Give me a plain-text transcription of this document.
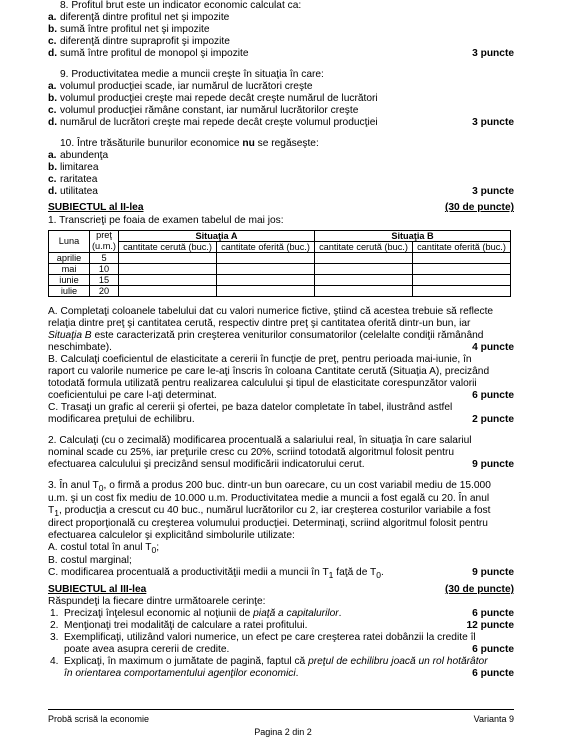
8. Profitul brut este un indicator economic calculat ca:
a. diferenţă dintre profitul net şi impozite
b. sumă între profitul net şi impozite
c. diferenţă dintre supraprofit şi impozite
d. sumă între profitul de monopol şi impozite	3 puncte
9. Productivitatea medie a muncii creşte în situaţia în care:
a. volumul producţiei scade, iar numărul de lucrători creşte
b. volumul producţiei creşte mai repede decât creşte numărul de lucrători
c. volumul producţiei rămâne constant, iar numărul lucrătorilor creşte
d. numărul de lucrători creşte mai repede decât creşte volumul producţiei	3 puncte
10. Între trăsăturile bunurilor economice nu se regăseşte:
a. abundenţa
b. limitarea
c. raritatea
d. utilitatea	3 puncte
SUBIECTUL al II-lea	(30 de puncte)
1. Transcrieţi pe foaia de examen tabelul de mai jos:
Luna	preţ	Situaţia A		Situaţia B	
	(u.m.)	cantitate cerută (buc.)	cantitate oferită (buc.)	cantitate cerută (buc.)	cantitate oferită (buc.)
aprilie	5				
mai	10				
iunie	15				
iulie	20				
A. Completaţi coloanele tabelului dat cu valori numerice fictive, ştiind că acestea trebuie să reflecte
relaţia dintre preţ şi cantitatea cerută, respectiv dintre preţ şi cantitatea oferită dintr-un bun, iar
Situaţia B este caracterizată prin creşterea veniturilor consumatorilor (celelalte condiţii rămânând
neschimbate).	4 puncte
B. Calculaţi coeficientul de elasticitate a cererii în funcţie de preţ, pentru perioada mai-iunie, în
raport cu valorile numerice pe care le-aţi înscris în coloana Cantitate cerută (Situaţia A), precizând
totodată formula utilizată pentru realizarea calculului şi tipul de elasticitate corespunzător valorii
coeficientului pe care l-aţi determinat.	6 puncte
C. Trasaţi un grafic al cererii şi ofertei, pe baza datelor completate în tabel, ilustrând astfel
modificarea preţului de echilibru.	2 puncte
2. Calculaţi (cu o zecimală) modificarea procentuală a salariului real, în situaţia în care salariul
nominal scade cu 25%, iar preţurile cresc cu 20%, scriind totodată algoritmul folosit pentru
efectuarea calculului şi precizând sensul modificării indicatorului cerut.	9 puncte
3. În anul $T_0$, o firmă a produs 200 buc. dintr-un bun oarecare, cu un cost variabil mediu de 15.000
u.m. şi un cost fix mediu de 10.000 u.m. Productivitatea medie a muncii a fost egală cu 20. În anul
$T_1$, producţia a crescut cu 40 buc., numărul lucrătorilor cu 2, iar creşterea costurilor variabile a fost
direct proporţională cu creşterea volumului producţiei. Determinaţi, scriind algoritmul folosit pentru
efectuarea calculelor şi explicitând simbolurile utilizate:
A. costul total în anul $T_0$;
B. costul marginal;
C. modificarea procentuală a productivităţii medii a muncii în $T_1$ faţă de $T_0$.	9 puncte
SUBIECTUL al III-lea	(30 de puncte)
Răspundeţi la fiecare dintre următoarele cerinţe:
1. Precizaţi înţelesul economic al noţiunii de piaţă a capitalurilor.	6 puncte
2. Menţionaţi trei modalităţi de calculare a ratei profitului.	12 puncte
3. Exemplificaţi, utilizând valori numerice, un efect pe care creşterea ratei dobânzii la credite îl
poate avea asupra cererii de credite.	6 puncte
4. Explicaţi, în maximum o jumătate de pagină, faptul că preţul de echilibru joacă un rol hotărâtor
în orientarea comportamentului agenţilor economici.	6 puncte
Probă scrisă la economie	Varianta 9
Pagina 2 din 2
